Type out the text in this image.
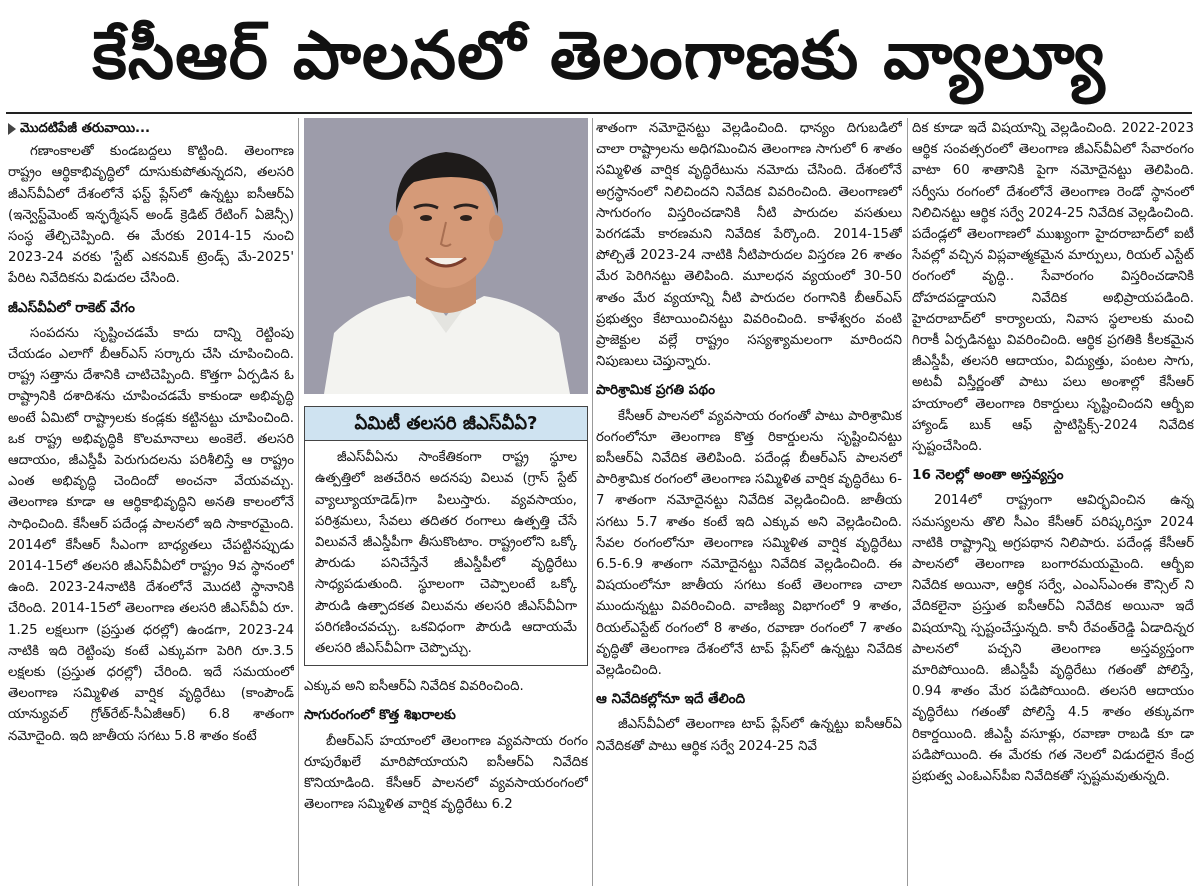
కేసీఆర్ పాలనలో తెలంగాణకు వ్యాల్యూ
మొదటిపేజీ తరువాయి...

గణాంకాలతో కుండబద్దలు కొట్టింది. తెలంగాణ రాష్ట్రం ఆర్థికాభివృద్ధిలో దూసుకుపోతున్నదని, తలసరి జీఎస్‌వీఏలో దేశంలోనే ఫస్ట్ ప్లేస్‌లో ఉన్నట్టు ఐసీఆర్ఏ (ఇన్వెస్ట్‌మెంట్ ఇన్ఫర్మేషన్ అండ్ క్రెడిట్ రేటింగ్ ఏజెన్సీ) సంస్థ తేల్చిచెప్పింది. ఈ మేరకు 2014-15 నుంచి 2023-24 వరకు 'స్టేట్ ఎకనమిక్ ట్రెండ్స్ మే-2025' పేరిట నివేదికను విడుదల చేసింది.

జీఎస్‌వీఏలో రాకెట్ వేగం

సంపదను సృష్టించడమే కాదు దాన్ని రెట్టింపు చేయడం ఎలాగో బీఆర్‌ఎస్ సర్కారు చేసి చూపించింది. రాష్ట్ర సత్తాను దేశానికి చాటిచెప్పింది. కొత్తగా ఏర్పడిన ఓ రాష్ట్రానికి దశాదిశను చూపించడమే కాకుండా అభివృద్ధి అంటే ఏమిటో రాష్ట్రాలకు కండ్లకు కట్టినట్టు చూపించింది. ఒక రాష్ట్ర అభివృద్ధికి కొలమానాలు అంకెలే. తలసరి ఆదాయం, జీఎస్డీపీ పెరుగుదలను పరిశీలిస్తే ఆ రాష్ట్రం ఎంత అభివృద్ధి చెందిందో అంచనా వేయవచ్చు. తెలంగాణ కూడా ఆ ఆర్థికాభివృద్ధిని అనతి కాలంలోనే సాధించింది. కేసీఆర్ పదేండ్ల పాలనలో ఇది సాకారమైంది. 2014లో కేసీఆర్ సీఎంగా బాధ్యతలు చేపట్టినప్పుడు 2014-15లో తలసరి జీఎస్‌వీఏలో రాష్ట్రం 9వ స్థానంలో ఉంది. 2023-24నాటికి దేశంలోనే మొదటి స్థానానికి చేరింది. 2014-15లో తెలంగాణ తలసరి జీఎస్‌వీఏ రూ. 1.25 లక్షలుగా (ప్రస్తుత ధరల్లో) ఉండగా, 2023-24 నాటికి ఇది రెట్టింపు కంటే ఎక్కువగా పెరిగి రూ.3.5 లక్షలకు (ప్రస్తుత ధరల్లో) చేరింది. ఇదే సమయంలో తెలంగాణ సమ్మిళిత వార్షిక వృద్ధిరేటు (కాంపౌండ్ యాన్యువల్ గ్రోత్‌రేట్-సీఏజీఆర్) 6.8 శాతంగా నమోదైంది. ఇది జాతీయ సగటు 5.8 శాతం కంటే

ఏమిటీ తలసరి జీఎస్‌వీఏ?

జీఎస్‌వీఏను సాంకేతికంగా రాష్ట్ర స్థూల ఉత్పత్తిలో జతచేరిన అదనపు విలువ (గ్రాస్ స్టేట్ వ్యాల్యూయాడెడ్)గా పిలుస్తారు. వ్యవసాయం, పరిశ్రమలు, సేవలు తదితర రంగాలు ఉత్పత్తి చేసే విలువనే జీఎస్డీపీగా తీసుకొంటాం. రాష్ట్రంలోని ఒక్కో పౌరుడు పనిచేస్తేనే జీఎస్డీపీలో వృద్ధిరేటు సాధ్యపడుతుంది. స్థూలంగా చెప్పాలంటే ఒక్కో పౌరుడి ఉత్పాదకత విలువను తలసరి జీఎస్‌వీఏగా పరిగణించవచ్చు. ఒకవిధంగా పౌరుడి ఆదాయమే తలసరి జీఎస్‌వీఏగా చెప్పొచ్చు.

ఎక్కువ అని ఐసీఆర్ఏ నివేదిక వివరించింది.

సాగురంగంలో కొత్త శిఖరాలకు

బీఆర్‌ఎస్ హయాంలో తెలంగాణ వ్యవసాయ రంగం రూపురేఖలే మారిపోయాయని ఐసీఆర్ఏ నివేదిక కొనియాడింది. కేసీఆర్ పాలనలో వ్యవసాయరంగంలో తెలంగాణ సమ్మిళిత వార్షిక వృద్ధిరేటు 6.2

శాతంగా నమోదైనట్టు వెల్లడించింది. ధాన్యం దిగుబడిలో చాలా రాష్ట్రాలను అధిగమించిన తెలంగాణ సాగులో 6 శాతం సమ్మిళిత వార్షిక వృద్ధిరేటును నమోదు చేసింది. దేశంలోనే అగ్రస్థానంలో నిలిచిందని నివేదిక వివరించింది. తెలంగాణలో సాగురంగం విస్తరించడానికి నీటి పారుదల వసతులు పెరగడమే కారణమని నివేదిక పేర్కొంది. 2014-15తో పోల్చితే 2023-24 నాటికి నీటిపారుదల విస్తరణ 26 శాతం మేర పెరిగినట్టు తెలిపింది. మూలధన వ్యయంలో 30-50 శాతం మేర వ్యయాన్ని నీటి పారుదల రంగానికి బీఆర్‌ఎస్ ప్రభుత్వం కేటాయించినట్టు వివరించింది. కాళేశ్వరం వంటి ప్రాజెక్టుల వల్లే రాష్ట్రం సస్యశ్యామలంగా మారిందని నిపుణులు చెప్తున్నారు.

పారిశ్రామిక ప్రగతి పథం

కేసీఆర్ పాలనలో వ్యవసాయ రంగంతో పాటు పారిశ్రామిక రంగంలోనూ తెలంగాణ కొత్త రికార్డులను సృష్టించినట్టు ఐసీఆర్ఏ నివేదిక తెలిపింది. పదేండ్ల బీఆర్‌ఎస్ పాలనలో పారిశ్రామిక రంగంలో తెలంగాణ సమ్మిళిత వార్షిక వృద్ధిరేటు 6-7 శాతంగా నమోదైనట్టు నివేదిక వెల్లడించింది. జాతీయ సగటు 5.7 శాతం కంటే ఇది ఎక్కువ అని వెల్లడించింది. సేవల రంగంలోనూ తెలంగాణ సమ్మిళిత వార్షిక వృద్ధిరేటు 6.5-6.9 శాతంగా నమోదైనట్టు నివేదిక వెల్లడించింది. ఈ విషయంలోనూ జాతీయ సగటు కంటే తెలంగాణ చాలా ముందున్నట్టు వివరించింది. వాణిజ్య విభాగంలో 9 శాతం, రియల్‌ఎస్టేట్ రంగంలో 8 శాతం, రవాణా రంగంలో 7 శాతం వృద్ధితో తెలంగాణ దేశంలోనే టాప్ ప్లేస్‌లో ఉన్నట్టు నివేదిక వెల్లడించింది.

ఆ నివేదికల్లోనూ ఇదే తేలింది

జీఎస్‌వీఏలో తెలంగాణ టాప్ ప్లేస్‌లో ఉన్నట్టు ఐసీఆర్ఏ నివేదికతో పాటు ఆర్థిక సర్వే 2024-25 నివే

దిక కూడా ఇదే విషయాన్ని వెల్లడించింది. 2022-2023 ఆర్థిక సంవత్సరంలో తెలంగాణ జీఎస్‌వీఏలో సేవారంగం వాటా 60 శాతానికి పైగా నమోదైనట్టు తెలిపింది. సర్వీసు రంగంలో దేశంలోనే తెలంగాణ రెండో స్థానంలో నిలిచినట్టు ఆర్థిక సర్వే 2024-25 నివేదిక వెల్లడించింది. పదేండ్లలో తెలంగాణలో ముఖ్యంగా హైదరాబాద్‌లో ఐటీ సేవల్లో వచ్చిన విప్లవాత్మకమైన మార్పులు, రియల్ ఎస్టేట్ రంగంలో వృద్ధి.. సేవారంగం విస్తరించడానికి దోహదపడ్డాయని నివేదిక అభిప్రాయపడింది. హైదరాబాద్‌లో కార్యాలయ, నివాస స్థలాలకు మంచి గిరాకీ ఏర్పడినట్టు వివరించింది. ఆర్థిక ప్రగతికి కీలకమైన జీఎస్డీపీ, తలసరి ఆదాయం, విద్యుత్తు, పంటల సాగు, అటవీ విస్తీర్ణంతో పాటు పలు అంశాల్లో కేసీఆర్ హయాంలో తెలంగాణ రికార్డులు సృష్టించిందని ఆర్బీఐ హ్యాండ్ బుక్ ఆఫ్ స్టాటిస్టిక్స్-2024 నివేదిక స్పష్టంచేసింది.

16 నెలల్లో అంతా అస్తవ్యస్తం

2014లో రాష్ట్రంగా ఆవిర్భవించిన ఉన్న సమస్యలను తొలి సీఎం కేసీఆర్ పరిష్కరిస్తూ 2024 నాటికి రాష్ట్రాన్ని అగ్రపథాన నిలిపారు. పదేండ్ల కేసీఆర్ పాలనలో తెలంగాణ బంగారమయమైంది. ఆర్బీఐ నివేదిక అయినా, ఆర్థిక సర్వే, ఎంఎస్‌ఎంఈ కౌన్సిల్ ని వేదికలైనా ప్రస్తుత ఐసీఆర్ఏ నివేదిక అయినా ఇదే విషయాన్ని స్పష్టంచేస్తున్నది. కానీ రేవంత్‌రెడ్డి ఏడాదిన్నర పాలనలో పచ్చని తెలంగాణ అస్తవ్యస్తంగా మారిపోయింది. జీఎస్డీపీ వృద్ధిరేటు గతంతో పోలిస్తే, 0.94 శాతం మేర పడిపోయింది. తలసరి ఆదాయం వృద్ధిరేటు గతంతో పోలిస్తే 4.5 శాతం తక్కువగా రికార్డయింది. జీఎస్టీ వసూళ్లు, రవాణా రాబడి కూ డా పడిపోయింది. ఈ మేరకు గత నెలలో విడుదలైన కేంద్ర ప్రభుత్వ ఎంఓఎస్‌పీఐ నివేదికతో స్పష్టమవుతున్నది.
